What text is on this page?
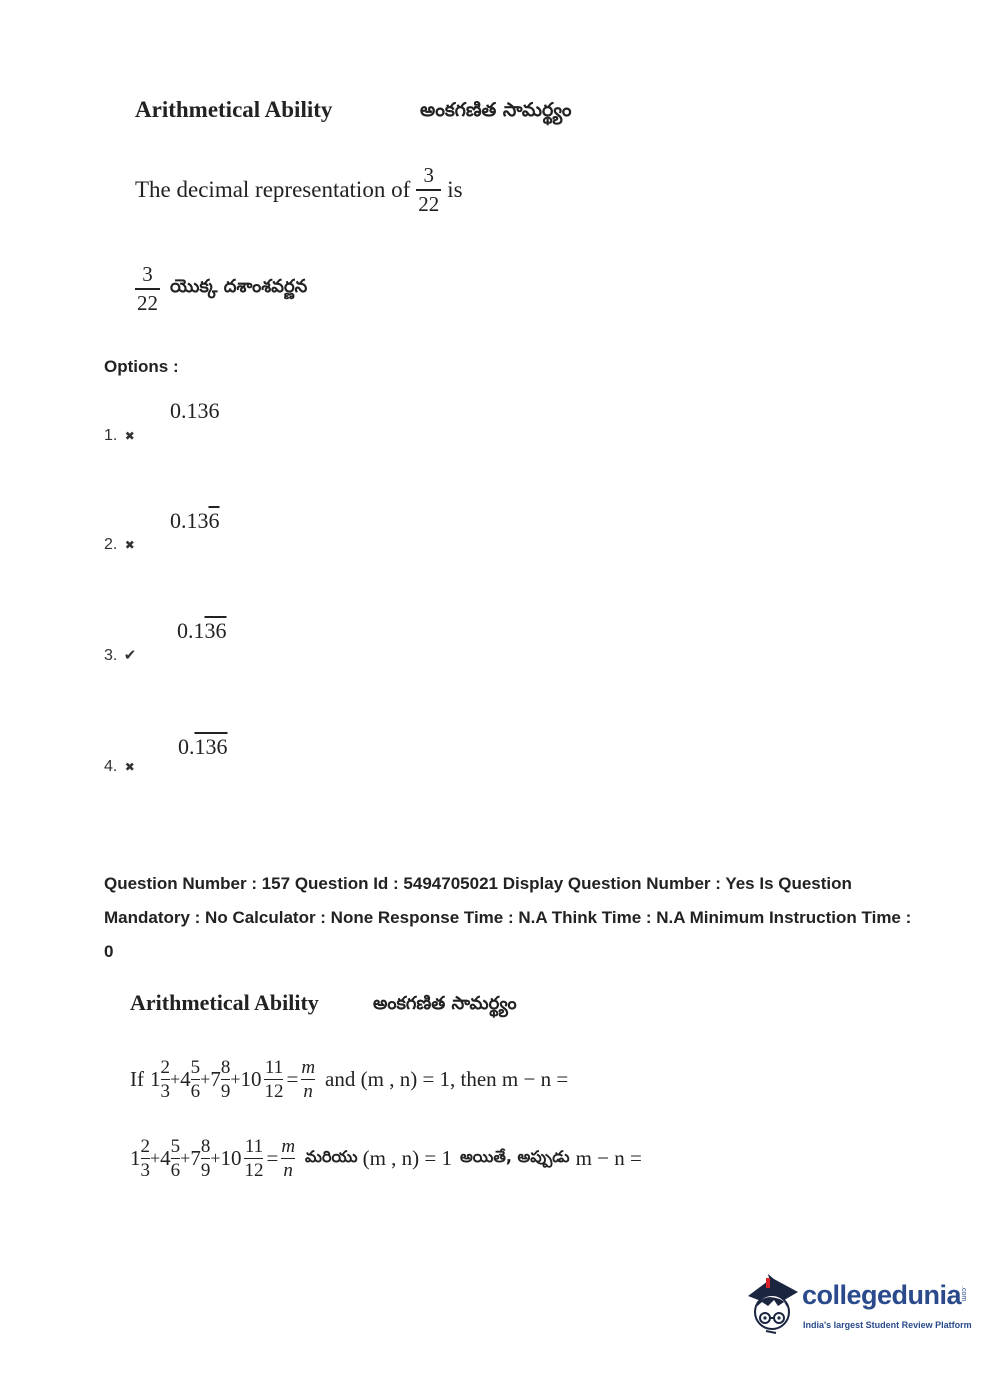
Arithmetical Ability	అంకగణిత సామర్థ్యం
The decimal representation of $\frac{3}{22}$ is
$\frac{3}{22}$ యొక్క దశాంశవర్ణన
Options :
0.136
1. ✖
0.136
2. ✖
0.136
3. ✔
0.136
4. ✖
Question Number : 157 Question Id : 5494705021 Display Question Number : Yes Is Question Mandatory : No Calculator : None Response Time : N.A Think Time : N.A Minimum Instruction Time : 0
Arithmetical Ability	అంకగణిత సామర్థ్యం
If 1 2
3
+ 4 5
6
+ 7 8
9
+ 10 11
12
= m
n
and (m , n) = 1, then m − n =
1 2
3
+ 4 5
6
+ 7 8
9
+ 10 11
12
= m
n
మరియు (m , n) = 1 అయితే, అప్పుడు m − n =
collegedunia
.com
India's largest Student Review Platform
